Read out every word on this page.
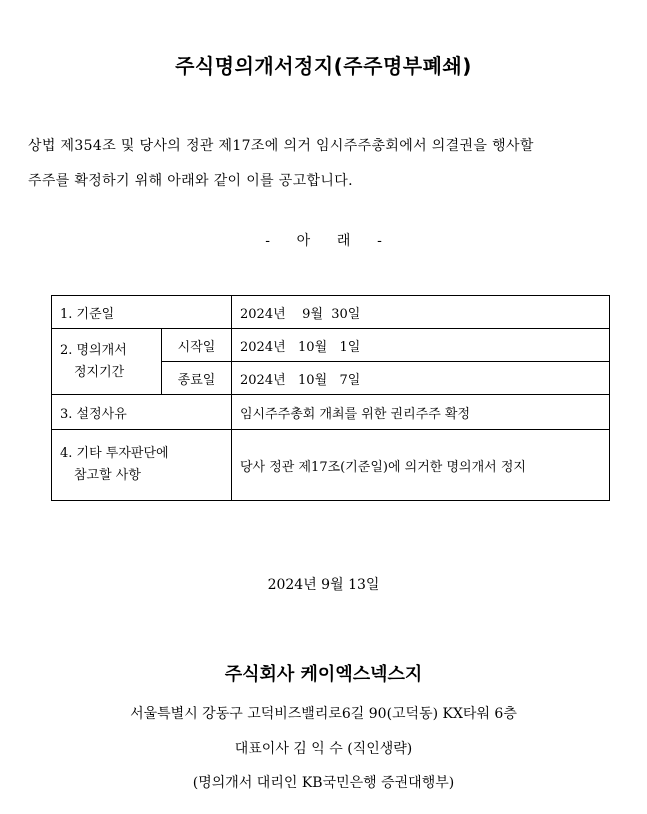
주식명의개서정지(주주명부폐쇄)
상법 제354조 및 당사의 정관 제17조에 의거 임시주주총회에서 의결권을 행사할
주주를 확정하기 위해 아래와 같이 이를 공고합니다.
-      아      래      -
1. 기준일		2024년    9월  30일

2. 명의개서
정지기간	시작일	2024년   10월   1일
	종료일	2024년   10월   7일
3. 설정사유		임시주주총회 개최를 위한 권리주주 확정

4. 기타 투자판단에
참고할 사항		당사 정관 제17조(기준일)에 의거한 명의개서 정지
2024년 9월 13일
주식회사 케이엑스넥스지
서울특별시 강동구 고덕비즈밸리로6길 90(고덕동) KX타워 6층
대표이사 김 익 수 (직인생략)
(명의개서 대리인 KB국민은행 증권대행부)
